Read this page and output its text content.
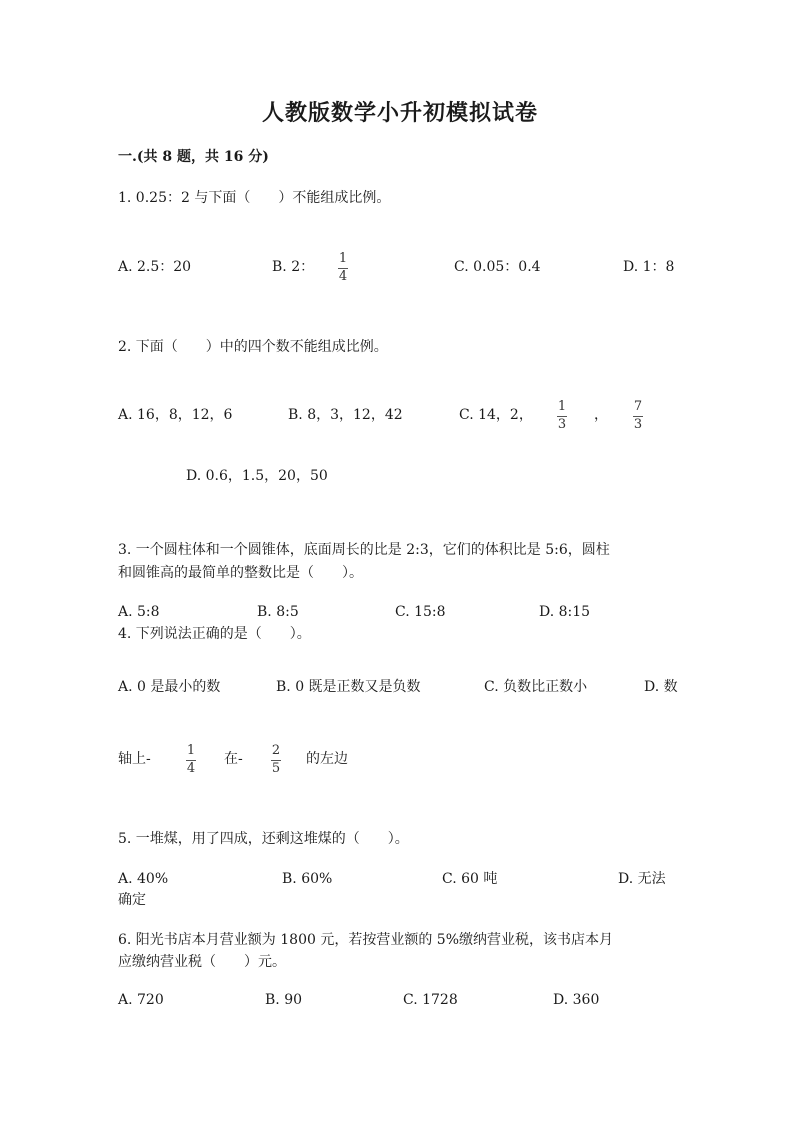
人教版数学小升初模拟试卷
一.(共 8 题，共 16 分)
1. 0.25：2 与下面（　　）不能组成比例。
A. 2.5：20	B. 2：
1
4
C. 0.05：0.4	D. 1：8
2. 下面（　　）中的四个数不能组成比例。
A. 16，8，12，6	B. 8，3，12，42	C. 14，2，
1
3
，
7
3
D. 0.6，1.5，20，50
3. 一个圆柱体和一个圆锥体，底面周长的比是 2:3，它们的体积比是 5:6，圆柱
和圆锥高的最简单的整数比是（　　）。
A. 5:8	B. 8:5	C. 15:8	D. 8:15
4. 下列说法正确的是（　　）。
A. 0 是最小的数	B. 0 既是正数又是负数	C. 负数比正数小	D. 数
轴上-
1
4
在-
2
5
的左边
5. 一堆煤，用了四成，还剩这堆煤的（　　）。
A. 40%	B. 60%	C. 60 吨	D. 无法
确定
6. 阳光书店本月营业额为 1800 元，若按营业额的 5%缴纳营业税，该书店本月
应缴纳营业税（　　）元。
A. 720	B. 90	C. 1728	D. 360
